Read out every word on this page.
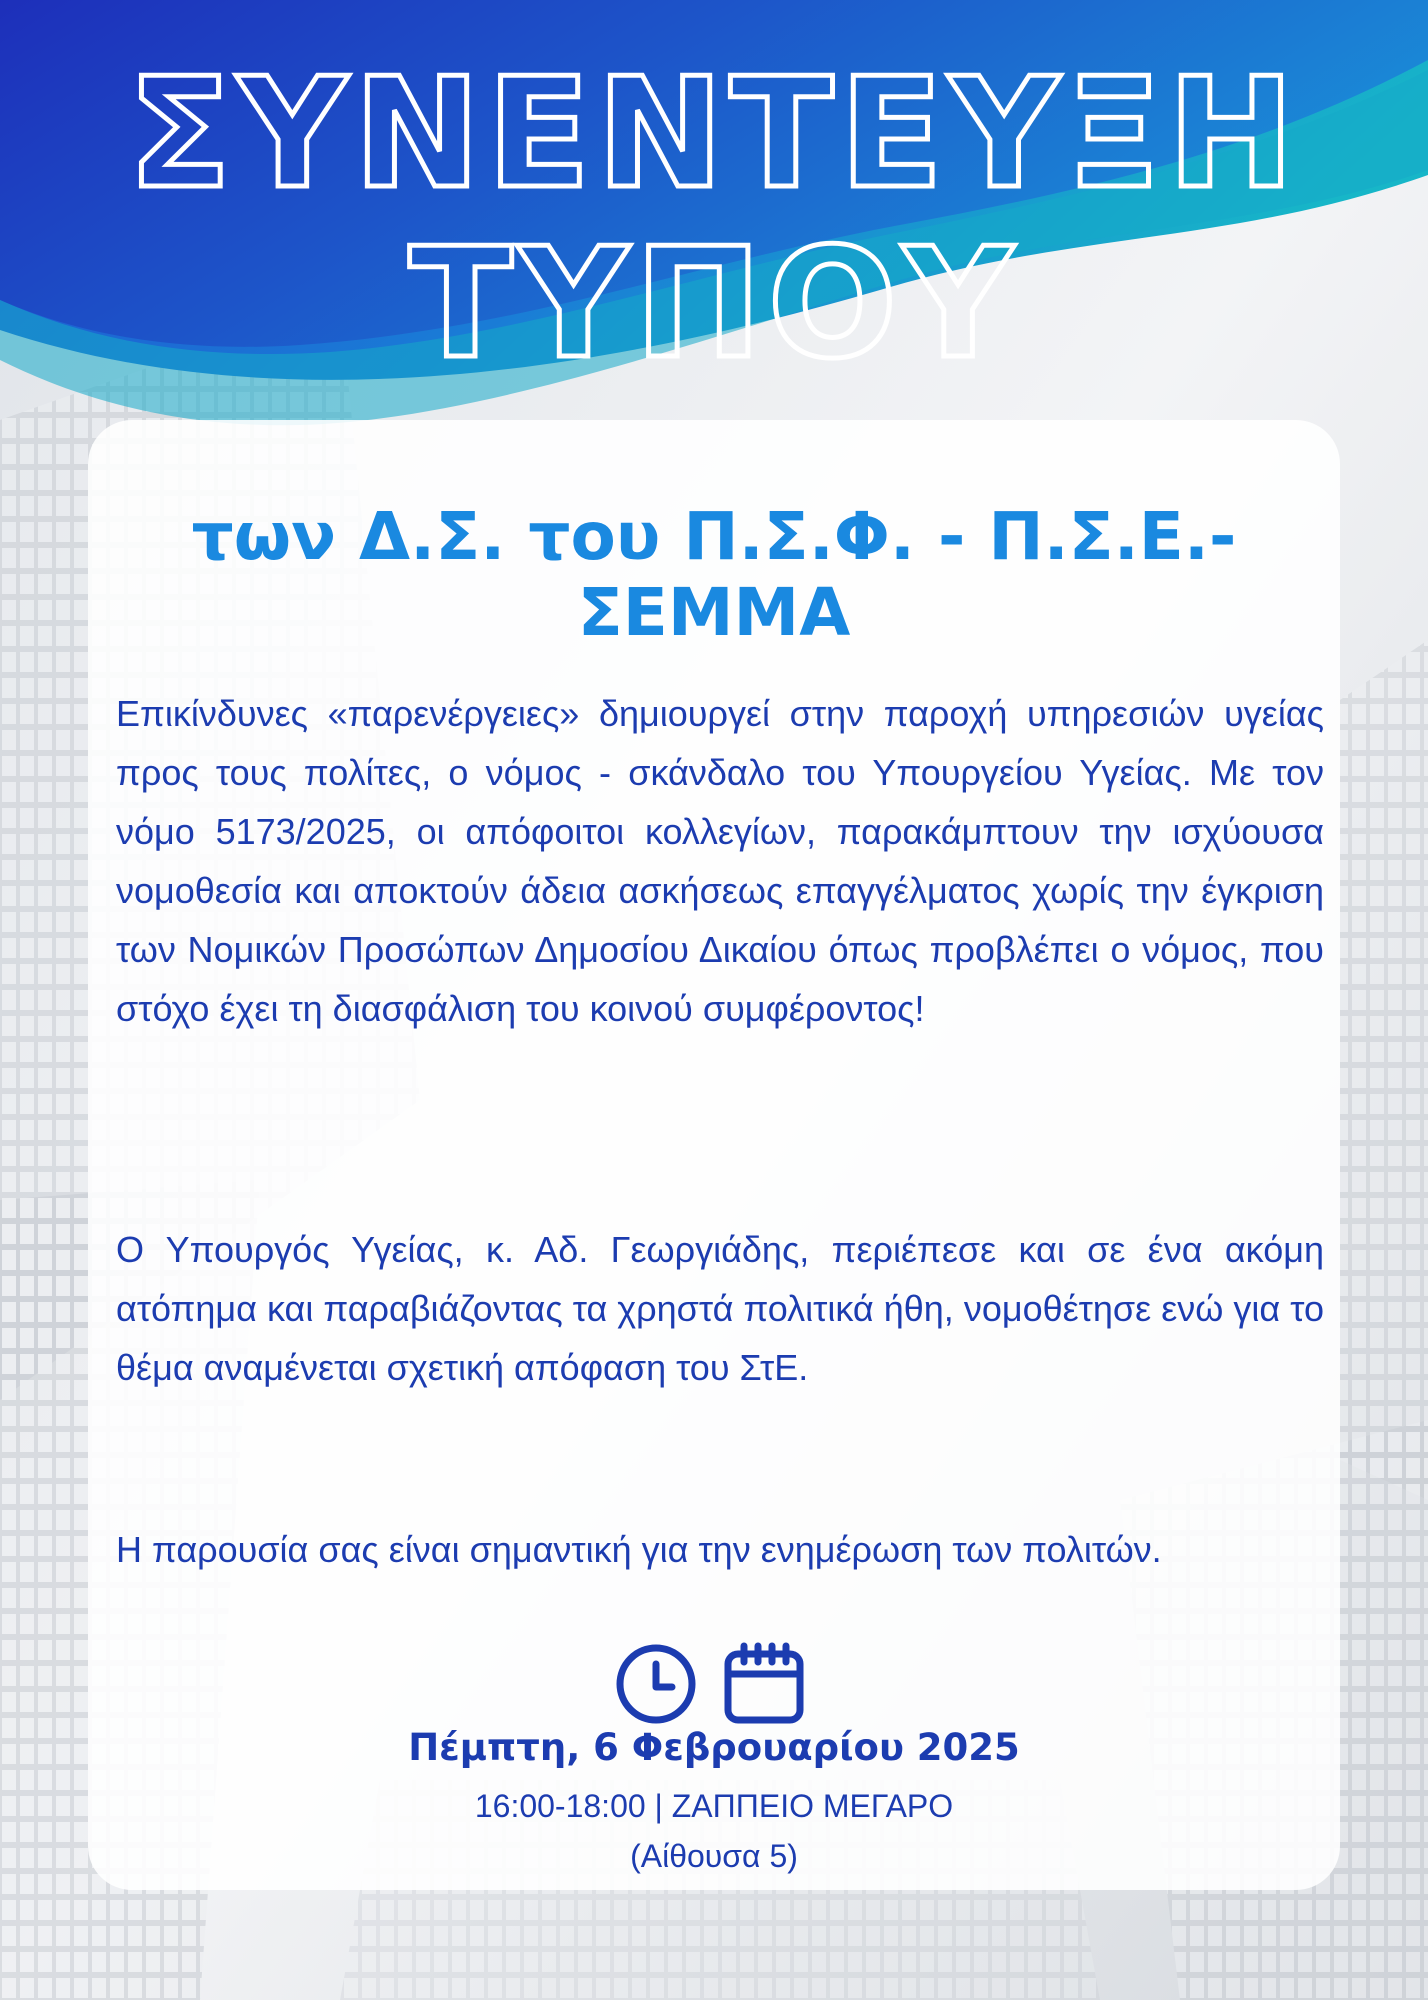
ΣΥΝΕΝΤΕΥΞΗ
ΤΥΠΟΥ
των Δ.Σ. του Π.Σ.Φ. - Π.Σ.Ε.-
ΣΕΜΜΑ

Επικίνδυνες «παρενέργειες» δημιουργεί στην παροχή υπηρεσιών υγείας προς τους πολίτες, ο νόμος - σκάνδαλο του Υπουργείου Υγείας. Με τον νόμο 5173/2025, οι απόφοιτοι κολλεγίων, παρακάμπτουν την ισχύουσα νομοθεσία και αποκτούν άδεια ασκήσεως επαγγέλματος χωρίς την έγκριση των Νομικών Προσώπων Δημοσίου Δικαίου όπως προβλέπει ο νόμος, που στόχο έχει τη διασφάλιση του κοινού συμφέροντος!

Ο Υπουργός Υγείας, κ. Αδ. Γεωργιάδης, περιέπεσε και σε ένα ακόμη ατόπημα και παραβιάζοντας τα χρηστά πολιτικά ήθη, νομοθέτησε ενώ για το θέμα αναμένεται σχετική απόφαση του ΣτΕ.

Η παρουσία σας είναι σημαντική για την ενημέρωση των πολιτών.

Πέμπτη, 6 Φεβρουαρίου 2025

16:00-18:00 | ΖΑΠΠΕΙΟ ΜΕΓΑΡΟ

(Αίθουσα 5)
